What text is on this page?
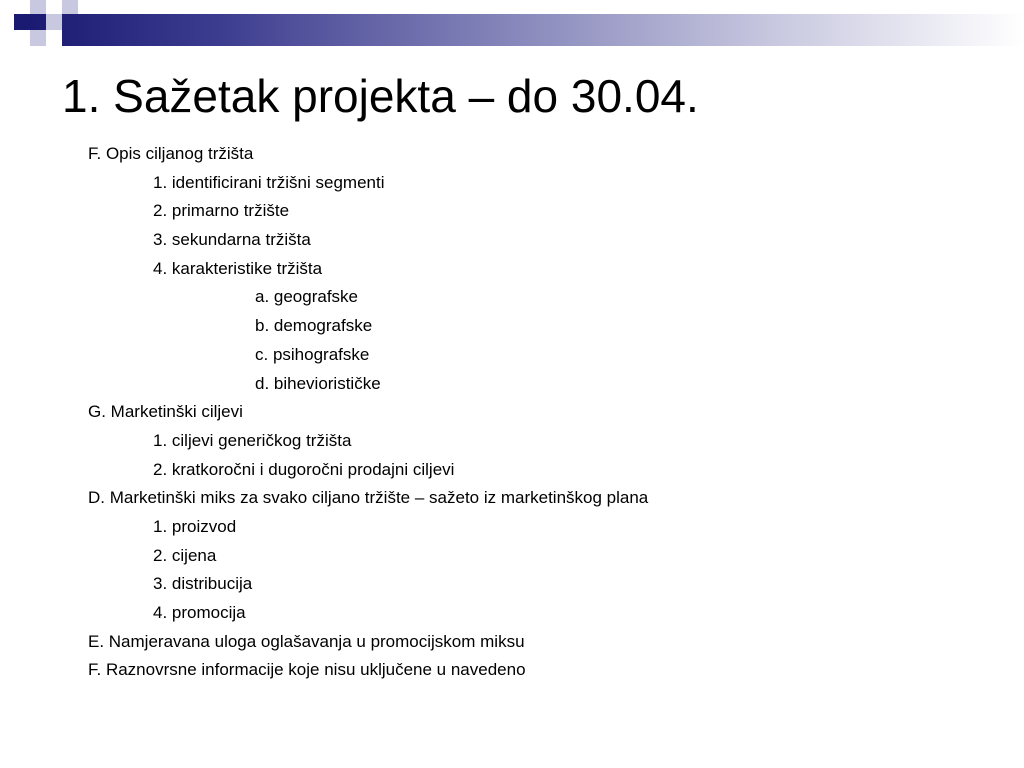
1. Sažetak projekta – do 30.04.
F. Opis ciljanog tržišta
1. identificirani tržišni segmenti
2. primarno tržište
3. sekundarna tržišta
4. karakteristike tržišta
a. geografske
b. demografske
c. psihografske
d. biheviorističke
G. Marketinški ciljevi
1. ciljevi generičkog tržišta
2. kratkoročni i dugoročni prodajni ciljevi
D. Marketinški miks za svako ciljano tržište – sažeto iz marketinškog plana
1. proizvod
2. cijena
3. distribucija
4. promocija
E. Namjeravana uloga oglašavanja u promocijskom miksu
F. Raznovrsne informacije koje nisu uključene u navedeno
